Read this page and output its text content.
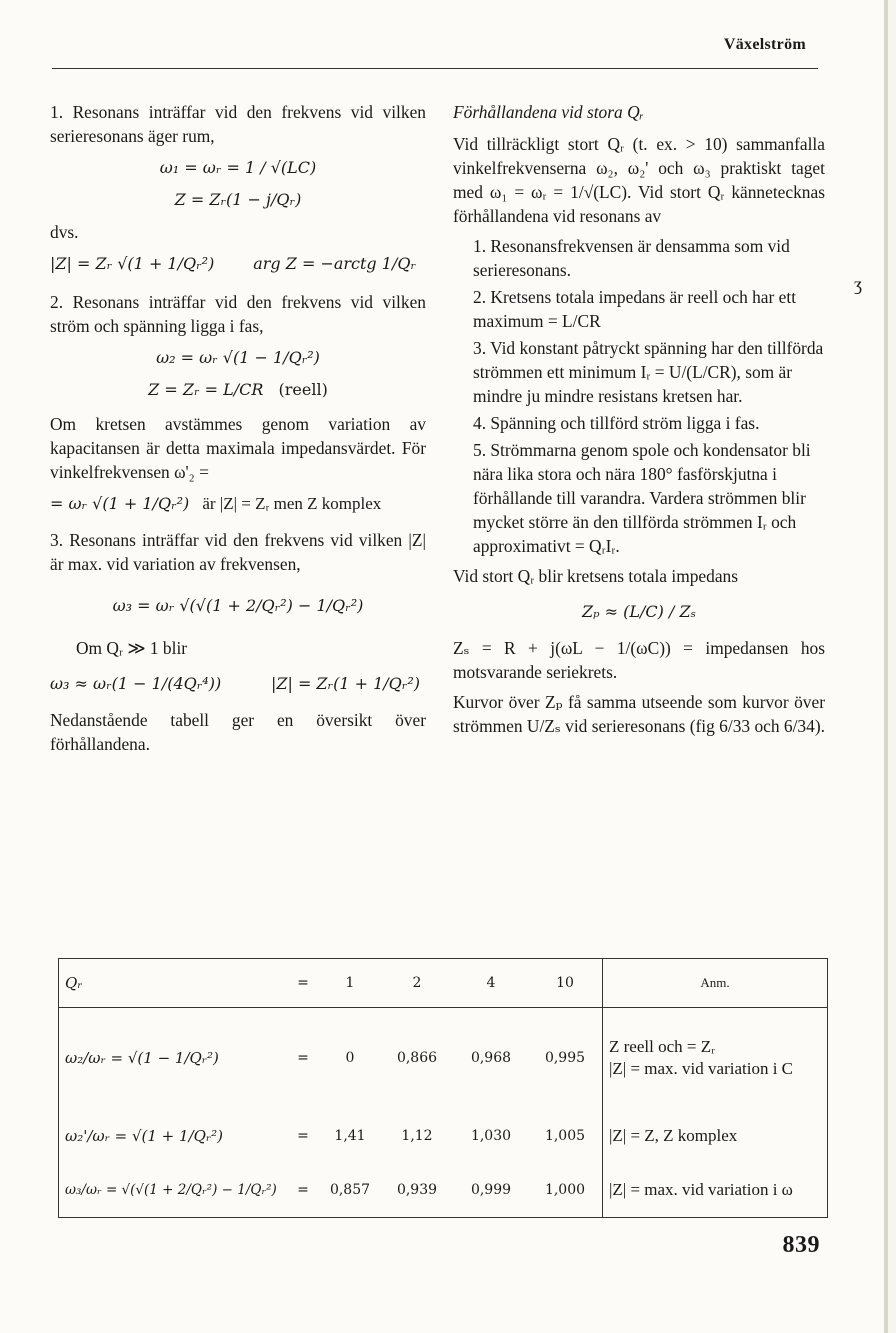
Växelström
ʒ

1. Resonans inträffar vid den frekvens vid vilken serieresonans äger rum,

ω₁ = ωᵣ = 1 / √(LC)
Z = Zᵣ(1 − j/Qᵣ)

dvs.

|Z| = Zᵣ √(1 + 1/Qᵣ²) arg Z = −arctg 1/Qᵣ

2. Resonans inträffar vid den frekvens vid vilken ström och spänning ligga i fas,

ω₂ = ωᵣ √(1 − 1/Qᵣ²)
Z = Zᵣ = L/CR (reell)

Om kretsen avstämmes genom variation av kapacitansen är detta maximala impedansvärdet. För vinkelfrekvensen ω'₂ =

= ωᵣ √(1 + 1/Qᵣ²) är |Z| = Zᵣ men Z komplex

3. Resonans inträffar vid den frekvens vid vilken |Z| är max. vid variation av frekvensen,

ω₃ = ωᵣ √(√(1 + 2/Qᵣ²) − 1/Qᵣ²)

Om Qᵣ ≫ 1 blir

ω₃ ≈ ωᵣ(1 − 1/(4Qᵣ⁴))	|Z| = Zᵣ(1 + 1/Qᵣ²)

Nedanstående tabell ger en översikt över förhållandena.

Förhållandena vid stora Qᵣ

Vid tillräckligt stort Qᵣ (t. ex. > 10) sammanfalla vinkelfrekvenserna ω₂, ω₂' och ω₃ praktiskt taget med ω₁ = ωᵣ = 1/√(LC). Vid stort Qᵣ kännetecknas förhållandena vid resonans av

1. Resonansfrekvensen är densamma som vid serieresonans.
2. Kretsens totala impedans är reell och har ett maximum = L/CR
3. Vid konstant påtryckt spänning har den tillförda strömmen ett minimum Iᵣ = U/(L/CR), som är mindre ju mindre resistans kretsen har.
4. Spänning och tillförd ström ligga i fas.
5. Strömmarna genom spole och kondensator bli nära lika stora och nära 180° fasförskjutna i förhållande till varandra. Vardera strömmen blir mycket större än den tillförda strömmen Iᵣ och approximativt = QᵣIᵣ.

Vid stort Qᵣ blir kretsens totala impedans

Zₚ ≈ (L/C) / Zₛ

Zₛ = R + j(ωL − 1/(ωC)) = impedansen hos motsvarande seriekrets.

Kurvor över Zₚ få samma utseende som kurvor över strömmen U/Zₛ vid serieresonans (fig 6/33 och 6/34).

Qᵣ	=	1	2	4	10	Anm.
ω₂/ωᵣ = √(1 − 1/Qᵣ²)	=	0	0,866	0,968	0,995	Z reell och = Zᵣ
|Z| = max. vid variation i C
ω₂'/ωᵣ = √(1 + 1/Qᵣ²)	=	1,41	1,12	1,030	1,005	|Z| = Z, Z komplex
ω₃/ωᵣ = √(√(1 + 2/Qᵣ²) − 1/Qᵣ²)	=	0,857	0,939	0,999	1,000	|Z| = max. vid variation i ω
839
